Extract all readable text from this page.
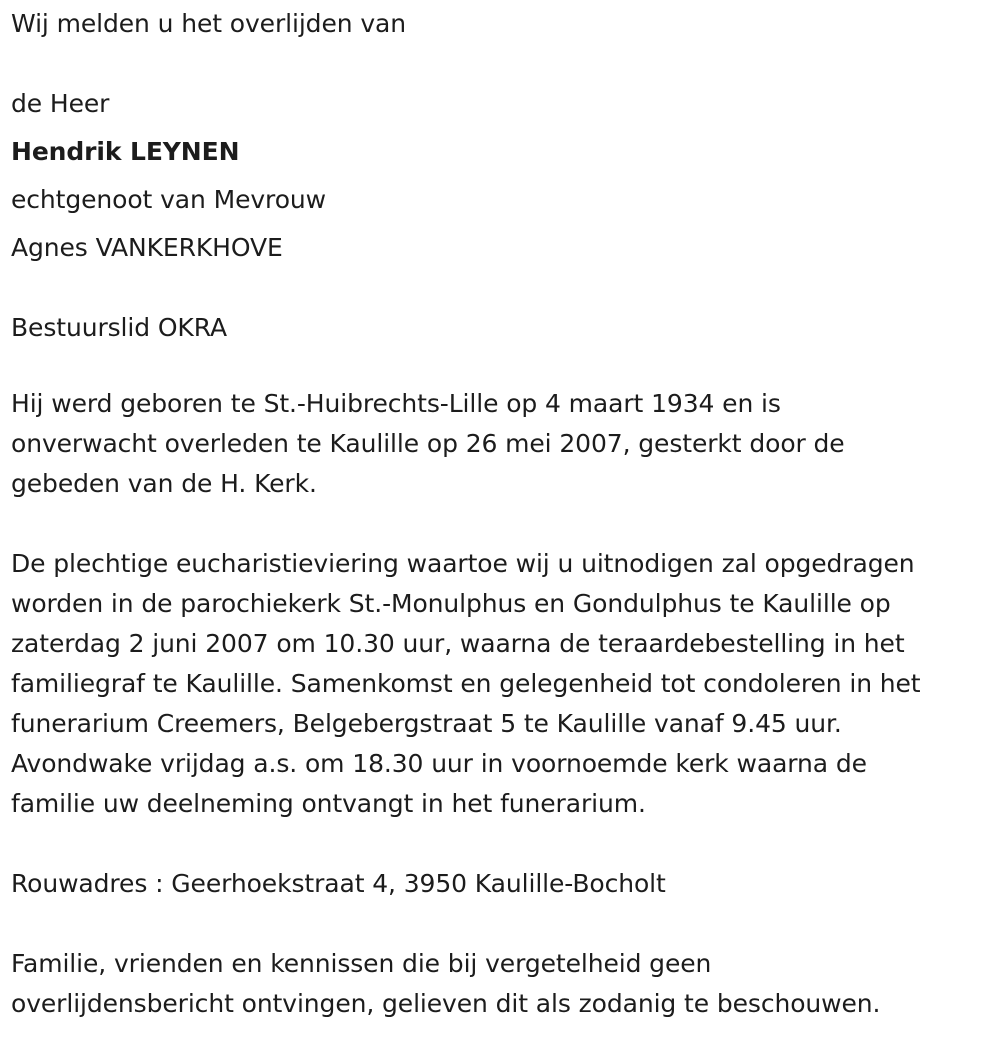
Wij melden u het overlijden van

de Heer

Hendrik LEYNEN

echtgenoot van Mevrouw

Agnes VANKERKHOVE

Bestuurslid OKRA

Hij werd geboren te St.-Huibrechts-Lille op 4 maart 1934 en is
onverwacht overleden te Kaulille op 26 mei 2007, gesterkt door de
gebeden van de H. Kerk.

De plechtige eucharistieviering waartoe wij u uitnodigen zal opgedragen
worden in de parochiekerk St.-Monulphus en Gondulphus te Kaulille op
zaterdag 2 juni 2007 om 10.30 uur, waarna de teraardebestelling in het
familiegraf te Kaulille. Samenkomst en gelegenheid tot condoleren in het
funerarium Creemers, Belgebergstraat 5 te Kaulille vanaf 9.45 uur.
Avondwake vrijdag a.s. om 18.30 uur in voornoemde kerk waarna de
familie uw deelneming ontvangt in het funerarium.

Rouwadres : Geerhoekstraat 4, 3950 Kaulille-Bocholt

Familie, vrienden en kennissen die bij vergetelheid geen
overlijdensbericht ontvingen, gelieven dit als zodanig te beschouwen.
